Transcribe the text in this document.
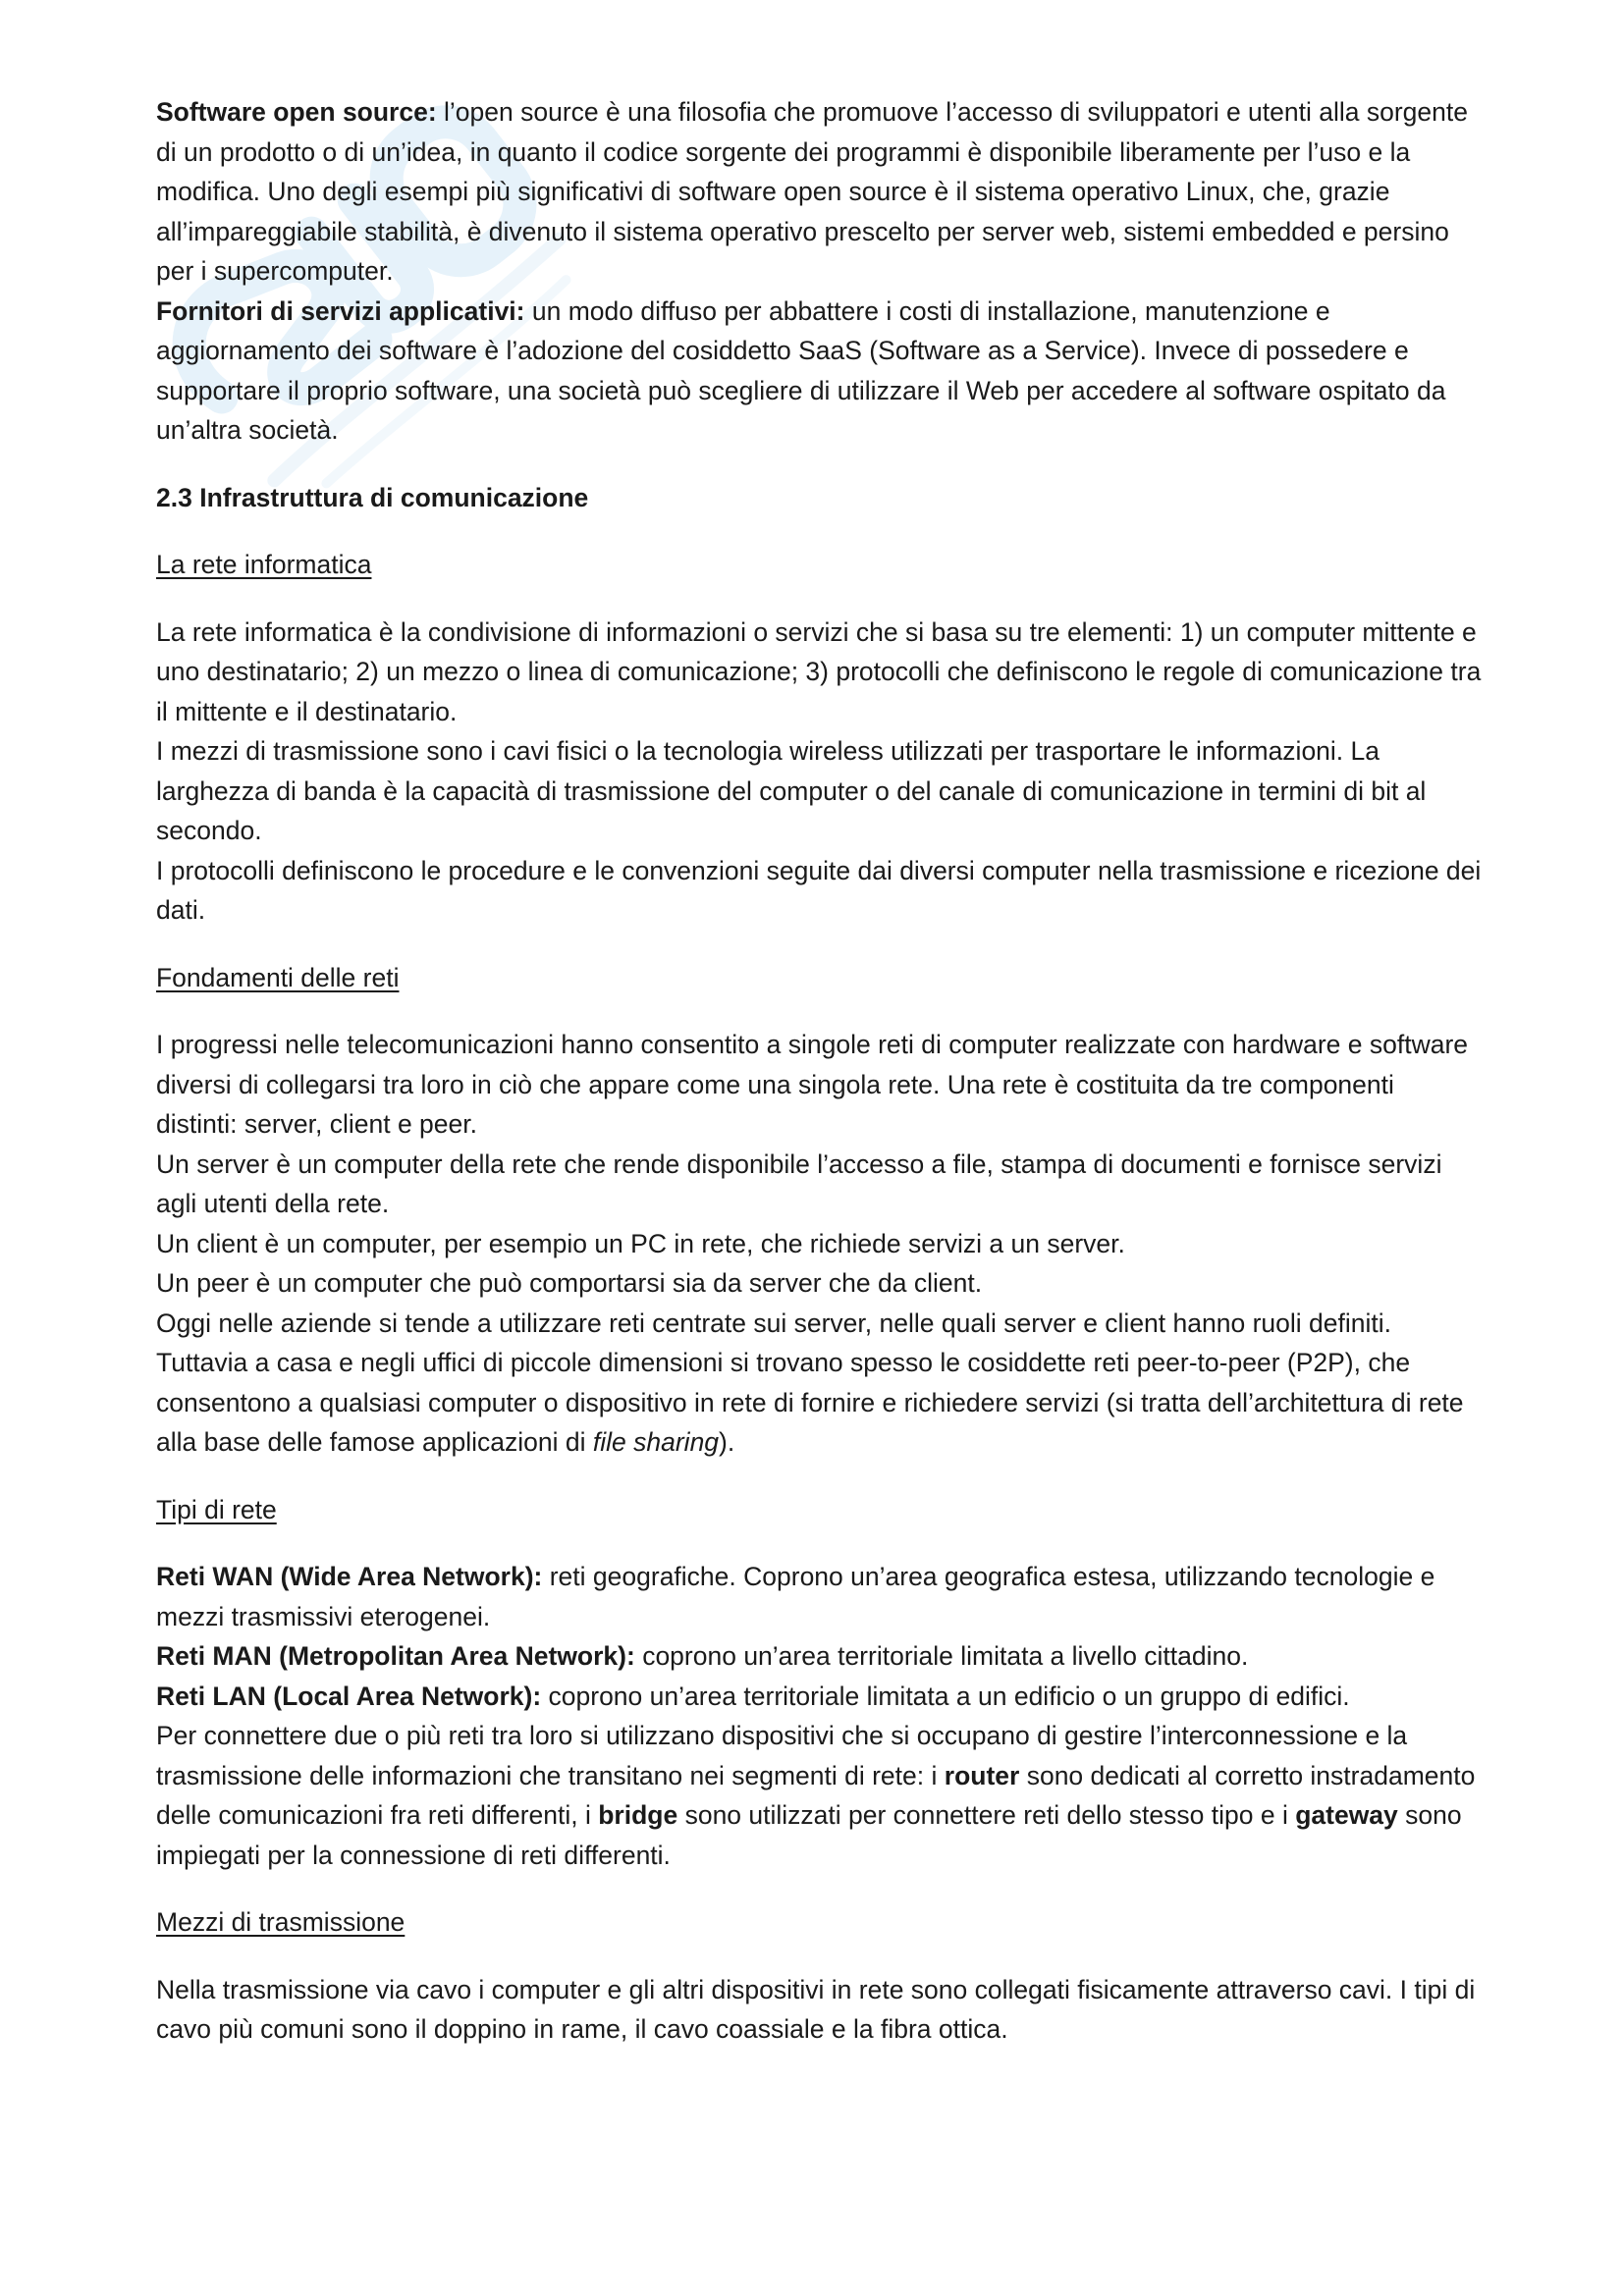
Software open source: l’open source è una filosofia che promuove l’accesso di sviluppatori e utenti alla sorgente di un prodotto o di un’idea, in quanto il codice sorgente dei programmi è disponibile liberamente per l’uso e la modifica. Uno degli esempi più significativi di software open source è il sistema operativo Linux, che, grazie all’impareggiabile stabilità, è divenuto il sistema operativo prescelto per server web, sistemi embedded e persino per i supercomputer.

Fornitori di servizi applicativi: un modo diffuso per abbattere i costi di installazione, manutenzione e aggiornamento dei software è l’adozione del cosiddetto SaaS (Software as a Service). Invece di possedere e supportare il proprio software, una società può scegliere di utilizzare il Web per accedere al software ospitato da un’altra società.

2.3 Infrastruttura di comunicazione

La rete informatica

La rete informatica è la condivisione di informazioni o servizi che si basa su tre elementi: 1) un computer mittente e uno destinatario; 2) un mezzo o linea di comunicazione; 3) protocolli che definiscono le regole di comunicazione tra il mittente e il destinatario.

I mezzi di trasmissione sono i cavi fisici o la tecnologia wireless utilizzati per trasportare le informazioni. La larghezza di banda è la capacità di trasmissione del computer o del canale di comunicazione in termini di bit al secondo.

I protocolli definiscono le procedure e le convenzioni seguite dai diversi computer nella trasmissione e ricezione dei dati.

Fondamenti delle reti

I progressi nelle telecomunicazioni hanno consentito a singole reti di computer realizzate con hardware e software diversi di collegarsi tra loro in ciò che appare come una singola rete. Una rete è costituita da tre componenti distinti: server, client e peer.

Un server è un computer della rete che rende disponibile l’accesso a file, stampa di documenti e fornisce servizi agli utenti della rete.

Un client è un computer, per esempio un PC in rete, che richiede servizi a un server.

Un peer è un computer che può comportarsi sia da server che da client.

Oggi nelle aziende si tende a utilizzare reti centrate sui server, nelle quali server e client hanno ruoli definiti. Tuttavia a casa e negli uffici di piccole dimensioni si trovano spesso le cosiddette reti peer-to-peer (P2P), che consentono a qualsiasi computer o dispositivo in rete di fornire e richiedere servizi (si tratta dell’architettura di rete alla base delle famose applicazioni di file sharing).

Tipi di rete

Reti WAN (Wide Area Network): reti geografiche. Coprono un’area geografica estesa, utilizzando tecnologie e mezzi trasmissivi eterogenei.

Reti MAN (Metropolitan Area Network): coprono un’area territoriale limitata a livello cittadino.

Reti LAN (Local Area Network): coprono un’area territoriale limitata a un edificio o un gruppo di edifici.

Per connettere due o più reti tra loro si utilizzano dispositivi che si occupano di gestire l’interconnessione e la trasmissione delle informazioni che transitano nei segmenti di rete: i router sono dedicati al corretto instradamento delle comunicazioni fra reti differenti, i bridge sono utilizzati per connettere reti dello stesso tipo e i gateway sono impiegati per la connessione di reti differenti.

Mezzi di trasmissione

Nella trasmissione via cavo i computer e gli altri dispositivi in rete sono collegati fisicamente attraverso cavi. I tipi di cavo più comuni sono il doppino in rame, il cavo coassiale e la fibra ottica.
